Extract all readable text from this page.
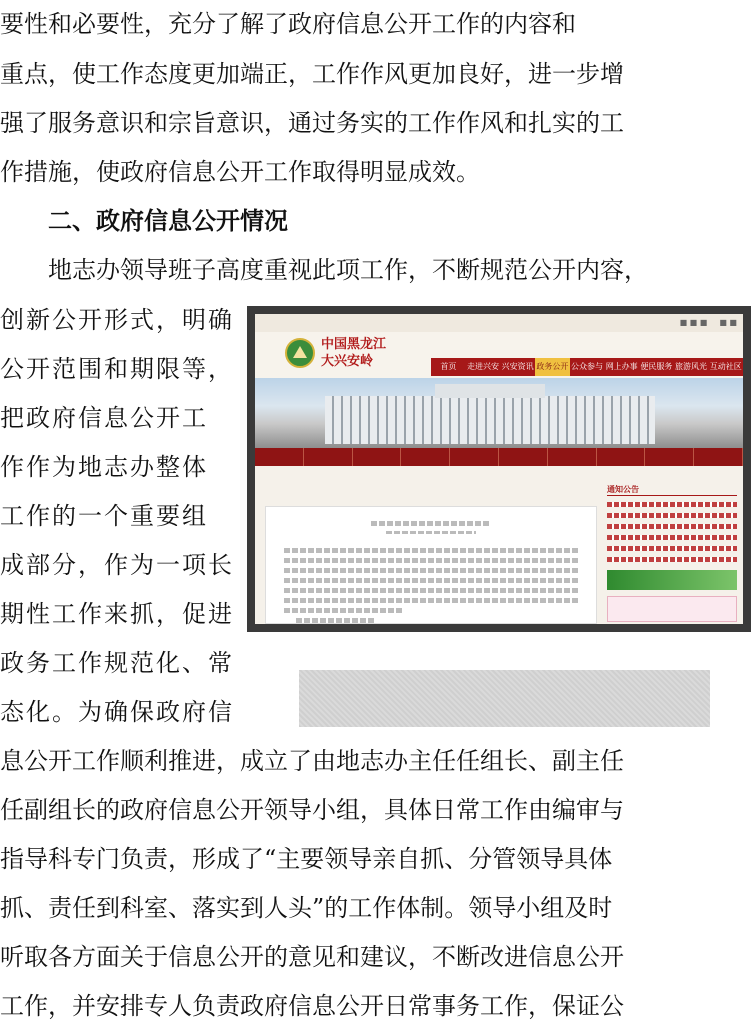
要性和必要性，充分了解了政府信息公开工作的内容和
重点，使工作态度更加端正，工作作风更加良好，进一步增
强了服务意识和宗旨意识，通过务实的工作作风和扎实的工
作措施，使政府信息公开工作取得明显成效。
二、政府信息公开情况
地志办领导班子高度重视此项工作，不断规范公开内容，
创新公开形式，明确
公开范围和期限等，
把政府信息公开工
作作为地志办整体
工作的一个重要组
成部分，作为一项长
期性工作来抓，促进
政务工作规范化、常
态化。为确保政府信
■ ■ ■ ■ ■
中国黑龙江
大兴安岭	首页	走进兴安 兴安资讯 政务公开 公众参与 网上办事 便民服务 旅游风光 互动社区
通知公告
息公开工作顺利推进，成立了由地志办主任任组长、副主任
任副组长的政府信息公开领导小组，具体日常工作由编审与
指导科专门负责，形成了“主要领导亲自抓、分管领导具体
抓、责任到科室、落实到人头”的工作体制。领导小组及时
听取各方面关于信息公开的意见和建议，不断改进信息公开
工作，并安排专人负责政府信息公开日常事务工作，保证公
